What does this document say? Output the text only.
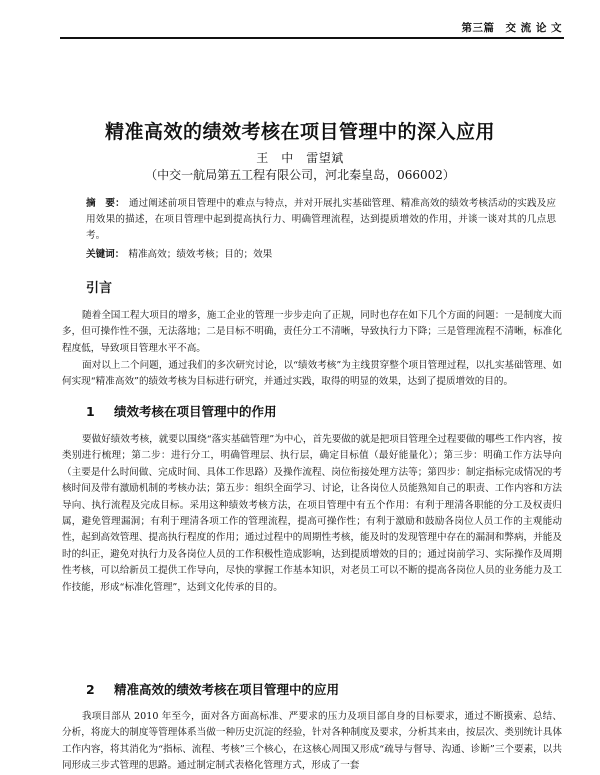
第三篇　交 流 论 文
精准高效的绩效考核在项目管理中的深入应用
王　中　雷望斌
（中交一航局第五工程有限公司，河北秦皇岛，066002）
摘　要： 通过阐述前项目管理中的难点与特点，并对开展扎实基础管理、精准高效的绩效考核活动的实践及应用效果的描述，在项目管理中起到提高执行力、明确管理流程，达到提质增效的作用，并谈一谈对其的几点思考。
关键词： 精准高效；绩效考核；目的；效果
引言
随着全国工程大项目的增多，施工企业的管理一步步走向了正规，同时也存在如下几个方面的问题：一是制度大而多，但可操作性不强，无法落地；二是目标不明确，责任分工不清晰，导致执行力下降；三是管理流程不清晰，标准化程度低，导致项目管理水平不高。
面对以上二个问题，通过我们的多次研究讨论，以“绩效考核”为主线贯穿整个项目管理过程，以扎实基础管理、如何实现“精准高效”的绩效考核为目标进行研究，并通过实践，取得的明显的效果，达到了提质增效的目的。
1 绩效考核在项目管理中的作用
要做好绩效考核，就要以围绕“落实基础管理”为中心，首先要做的就是把项目管理全过程要做的哪些工作内容，按类别进行梳理；第二步：进行分工，明确管理层、执行层，确定目标值（最好能量化）；第三步：明确工作方法导向（主要是什么时间做、完成时间、具体工作思路）及操作流程、岗位衔接处理方法等；第四步：制定指标完成情况的考核时间及带有激励机制的考核办法；第五步：组织全面学习、讨论，让各岗位人员能熟知自己的职责、工作内容和方法导向、执行流程及完成目标。采用这种绩效考核方法，在项目管理中有五个作用：有利于理清各职能的分工及权责归属，避免管理漏洞；有利于理清各项工作的管理流程，提高可操作性；有利于激励和鼓励各岗位人员工作的主观能动性，起到高效管理、提高执行程度的作用；通过过程中的周期性考核，能及时的发现管理中存在的漏洞和弊病，并能及时的纠正，避免对执行力及各岗位人员的工作积极性造成影响，达到提质增效的目的；通过岗前学习、实际操作及周期性考核，可以给新员工提供工作导向，尽快的掌握工作基本知识，对老员工可以不断的提高各岗位人员的业务能力及工作技能，形成“标准化管理”，达到文化传承的目的。
2 精准高效的绩效考核在项目管理中的应用
我项目部从 2010 年至今，面对各方面高标准、严要求的压力及项目部自身的目标要求，通过不断摸索、总结、分析，将庞大的制度等管理体系当做一种历史沉淀的经验，针对各种制度及要求，分析其来由，按层次、类别统计具体工作内容，将其消化为“指标、流程、考核”三个核心，在这核心周围又形成“疏导与督导、沟通、诊断”三个要素，以共同形成三步式管理的思路。通过制定制式表格化管理方式，形成了一套
